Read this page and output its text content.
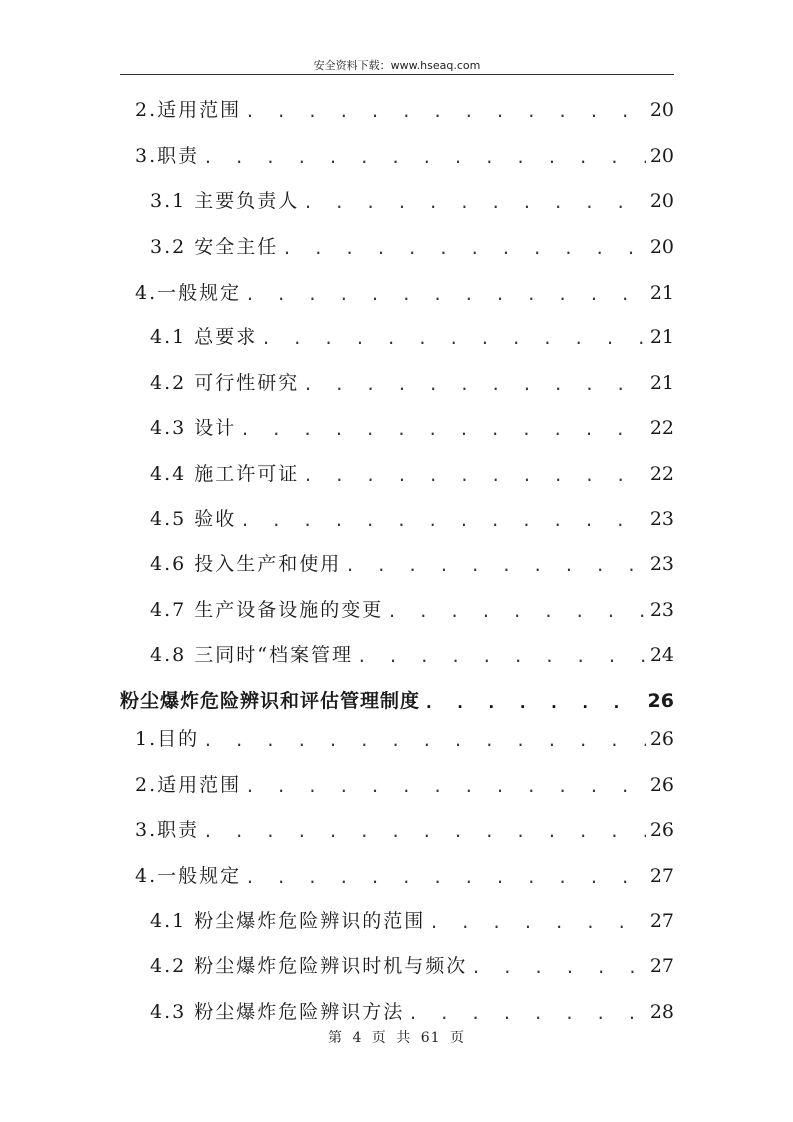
安全资料下载：www.hseaq.com
2.适用范围 . . .	20
3.职责 . . .	20
3.1 主要负责人 . . .	20
3.2 安全主任 . . .	20
4.一般规定 . . .	21
4.1 总要求 . . .	21
4.2 可行性研究 . . .	21
4.3 设计 . . .	22
4.4 施工许可证 . . .	22
4.5 验收 . . .	23
4.6 投入生产和使用 . . .	23
4.7 生产设备设施的变更 . . .	23
4.8 三同时“档案管理 . . .	24
粉尘爆炸危险辨识和评估管理制度 . . .	26
1.目的 . . .	26
2.适用范围 . . .	26
3.职责 . . .	26
4.一般规定 . . .	27
4.1 粉尘爆炸危险辨识的范围 . . .	27
4.2 粉尘爆炸危险辨识时机与频次 . . .	27
4.3 粉尘爆炸危险辨识方法 . . .	28
第 4 页 共 61 页
